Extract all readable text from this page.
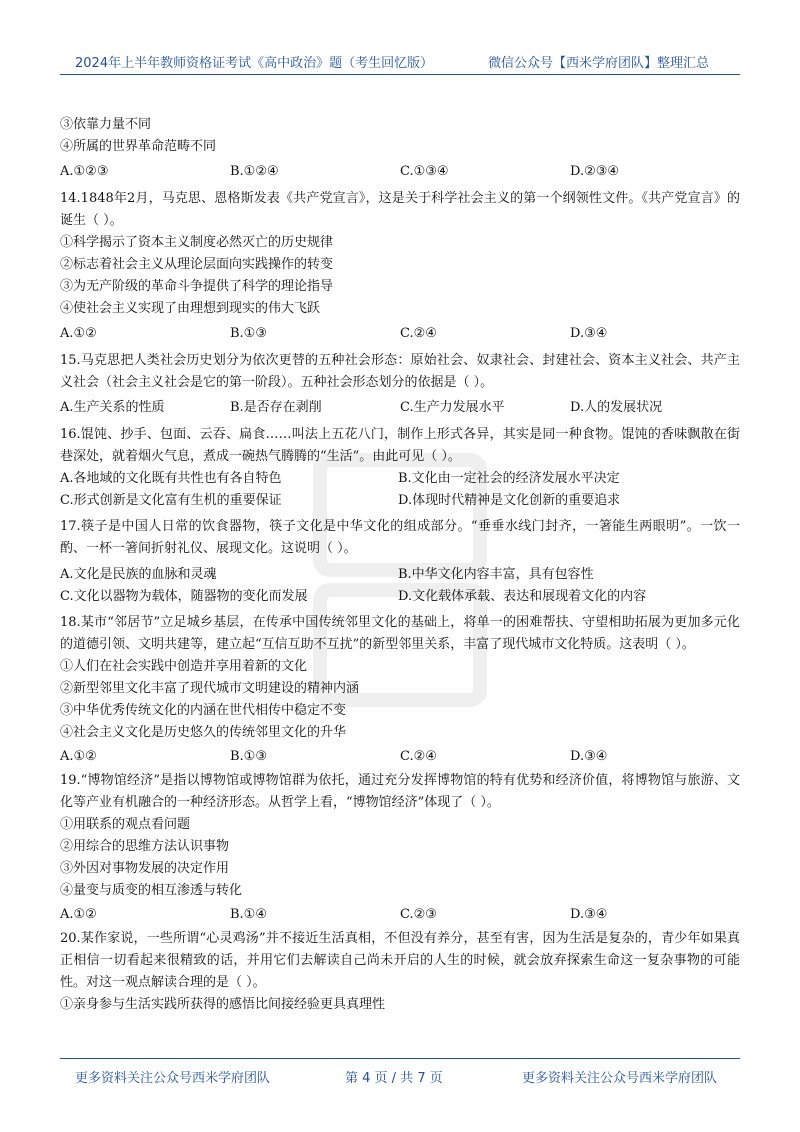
2024年上半年教师资格证考试《高中政治》题（考生回忆版）	微信公众号【西米学府团队】整理汇总
③依靠力量不同
④所属的世界革命范畴不同
A.①②③	B.①②④	C.①③④	D.②③④
14.1848年2月，马克思、恩格斯发表《共产党宣言》，这是关于科学社会主义的第一个纲领性文件。《共产党宣言》的诞生（ ）。
①科学揭示了资本主义制度必然灭亡的历史规律
②标志着社会主义从理论层面向实践操作的转变
③为无产阶级的革命斗争提供了科学的理论指导
④使社会主义实现了由理想到现实的伟大飞跃
A.①②	B.①③	C.②④	D.③④
15.马克思把人类社会历史划分为依次更替的五种社会形态：原始社会、奴隶社会、封建社会、资本主义社会、共产主义社会（社会主义社会是它的第一阶段）。五种社会形态划分的依据是（ ）。
A.生产关系的性质	B.是否存在剥削	C.生产力发展水平	D.人的发展状况
16.馄饨、抄手、包面、云吞、扁食……叫法上五花八门，制作上形式各异，其实是同一种食物。馄饨的香味飘散在街巷深处，就着烟火气息，煮成一碗热气腾腾的“生活”。由此可见（ ）。
A.各地域的文化既有共性也有各自特色	B.文化由一定社会的经济发展水平决定
C.形式创新是文化富有生机的重要保证	D.体现时代精神是文化创新的重要追求
17.筷子是中国人日常的饮食器物，筷子文化是中华文化的组成部分。“垂垂水线门封齐，一箸能生两眼明”。一饮一酌、一杯一箸间折射礼仪、展现文化。这说明（ ）。
A.文化是民族的血脉和灵魂	B.中华文化内容丰富，具有包容性
C.文化以器物为载体，随器物的变化而发展	D.文化载体承载、表达和展现着文化的内容
18.某市“邻居节”立足城乡基层，在传承中国传统邻里文化的基础上，将单一的困难帮扶、守望相助拓展为更加多元化的道德引领、文明共建等，建立起“互信互助不互扰”的新型邻里关系，丰富了现代城市文化特质。这表明（ ）。
①人们在社会实践中创造并享用着新的文化
②新型邻里文化丰富了现代城市文明建设的精神内涵
③中华优秀传统文化的内涵在世代相传中稳定不变
④社会主义文化是历史悠久的传统邻里文化的升华
A.①②	B.①③	C.②④	D.③④
19.“博物馆经济”是指以博物馆或博物馆群为依托，通过充分发挥博物馆的特有优势和经济价值，将博物馆与旅游、文化等产业有机融合的一种经济形态。从哲学上看，“博物馆经济”体现了（ ）。
①用联系的观点看问题
②用综合的思维方法认识事物
③外因对事物发展的决定作用
④量变与质变的相互渗透与转化
A.①②	B.①④	C.②③	D.③④
20.某作家说，一些所谓“心灵鸡汤”并不接近生活真相，不但没有养分，甚至有害，因为生活是复杂的，青少年如果真正相信一切看起来很精致的话，并用它们去解读自己尚未开启的人生的时候，就会放弃探索生命这一复杂事物的可能性。对这一观点解读合理的是（ ）。
①亲身参与生活实践所获得的感悟比间接经验更具真理性
更多资料关注公众号西米学府团队	第 4 页 / 共 7 页	更多资料关注公众号西米学府团队
